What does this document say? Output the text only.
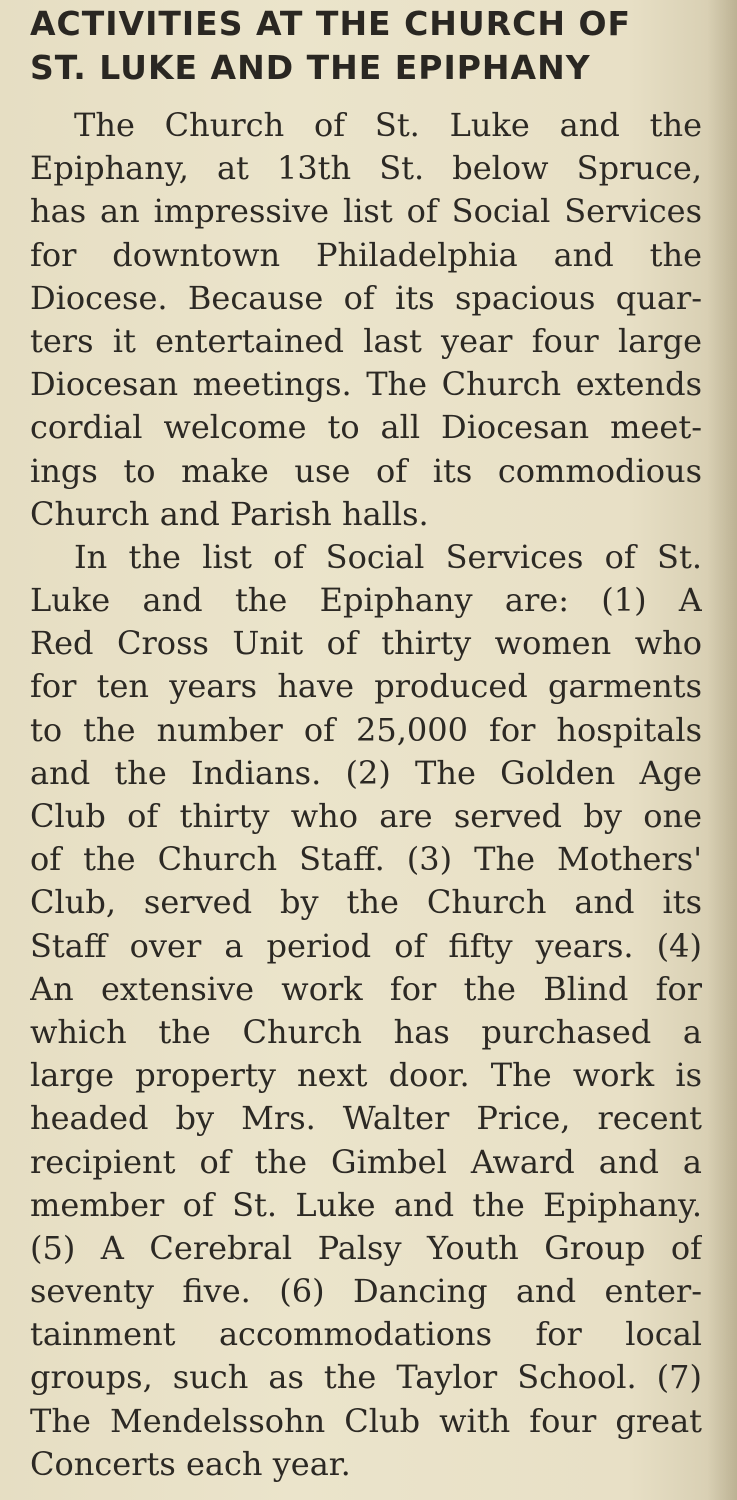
ACTIVITIES AT THE CHURCH OF
ST. LUKE AND THE EPIPHANY
The Church of St. Luke and the
Epiphany, at 13th St. below Spruce,
has an impressive list of Social Services
for downtown Philadelphia and the
Diocese. Because of its spacious quar-
ters it entertained last year four large
Diocesan meetings. The Church extends
cordial welcome to all Diocesan meet-
ings to make use of its commodious
Church and Parish halls.
In the list of Social Services of St.
Luke and the Epiphany are: (1) A
Red Cross Unit of thirty women who
for ten years have produced garments
to the number of 25,000 for hospitals
and the Indians. (2) The Golden Age
Club of thirty who are served by one
of the Church Staff. (3) The Mothers'
Club, served by the Church and its
Staff over a period of fifty years. (4)
An extensive work for the Blind for
which the Church has purchased a
large property next door. The work is
headed by Mrs. Walter Price, recent
recipient of the Gimbel Award and a
member of St. Luke and the Epiphany.
(5) A Cerebral Palsy Youth Group of
seventy five. (6) Dancing and enter-
tainment accommodations for local
groups, such as the Taylor School. (7)
The Mendelssohn Club with four great
Concerts each year.
